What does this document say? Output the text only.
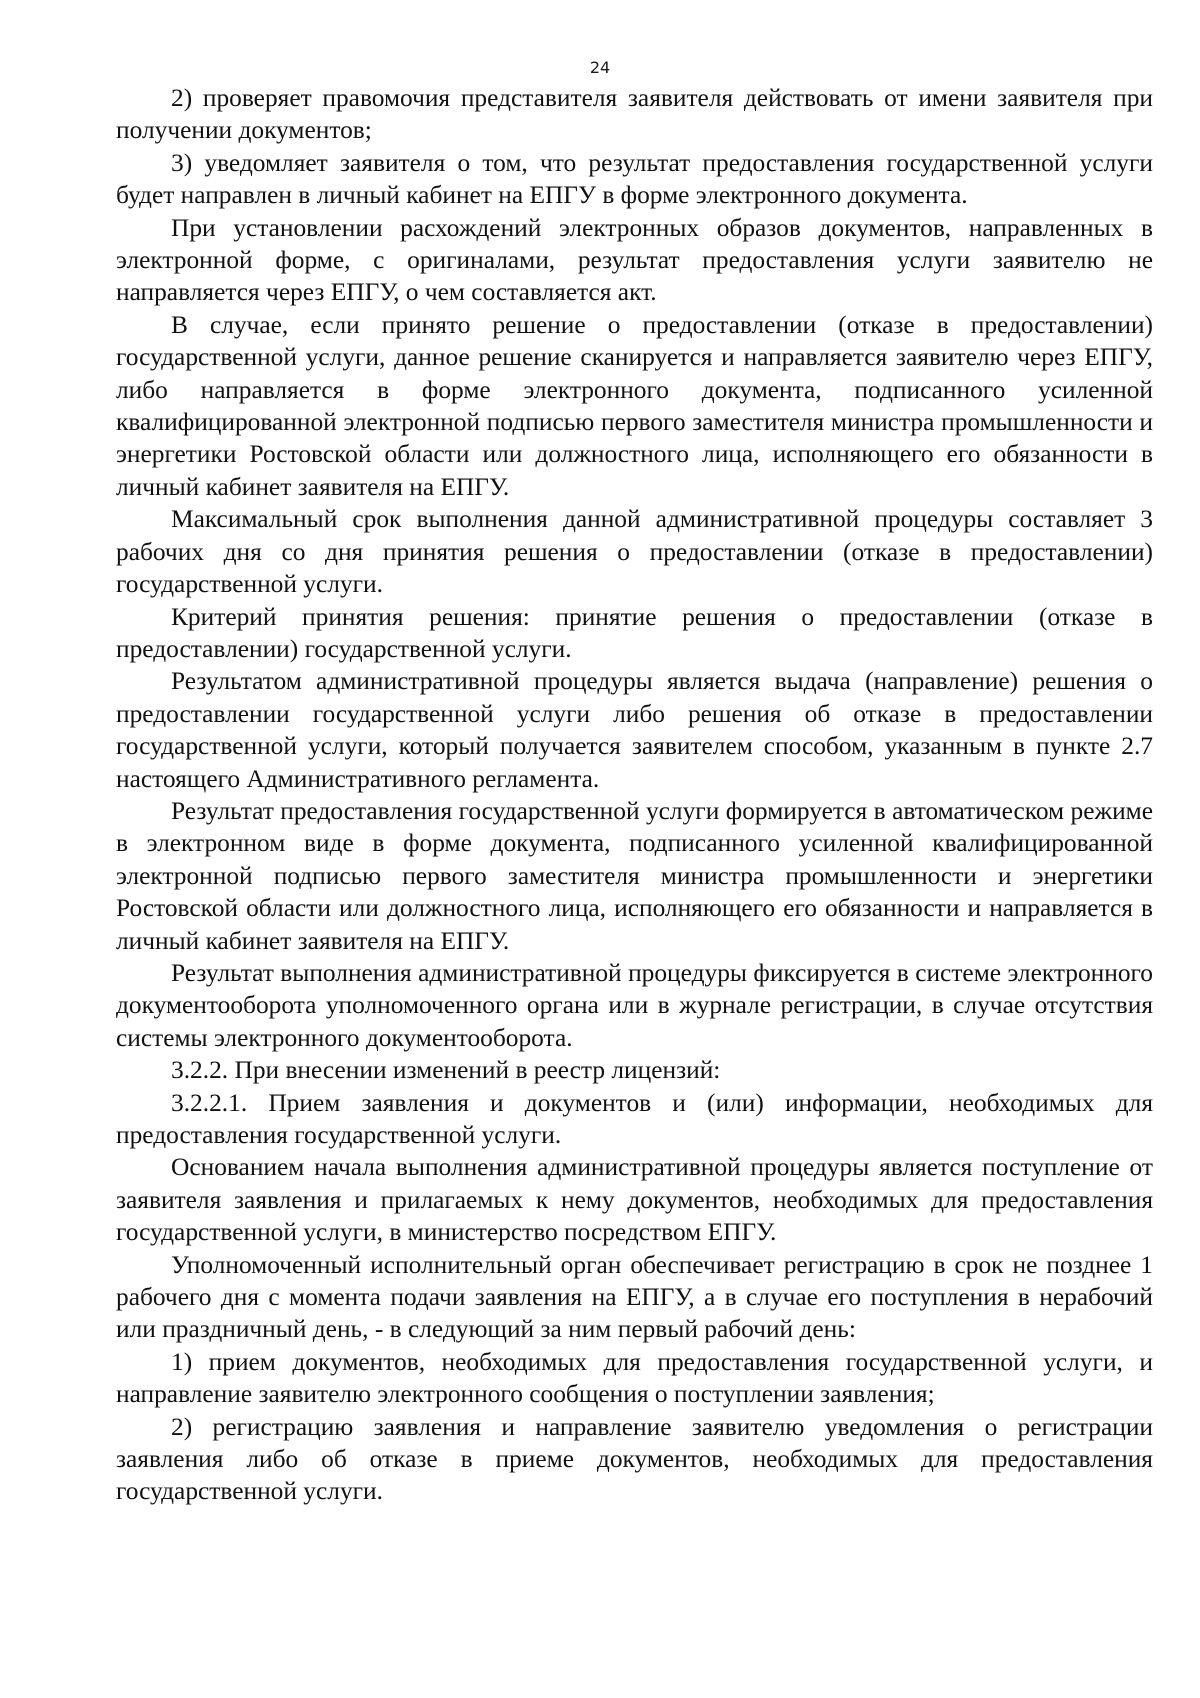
24

2) проверяет правомочия представителя заявителя действовать от имени заявителя при получении документов;

3) уведомляет заявителя о том, что результат предоставления государственной услуги будет направлен в личный кабинет на ЕПГУ в форме электронного документа.

При установлении расхождений электронных образов документов, направленных в электронной форме, с оригиналами, результат предоставления услуги заявителю не направляется через ЕПГУ, о чем составляется акт.

В случае, если принято решение о предоставлении (отказе в предоставлении) государственной услуги, данное решение сканируется и направляется заявителю через ЕПГУ, либо направляется в форме электронного документа, подписанного усиленной квалифицированной электронной подписью первого заместителя министра промышленности и энергетики Ростовской области или должностного лица, исполняющего его обязанности в личный кабинет заявителя на ЕПГУ.

Максимальный срок выполнения данной административной процедуры составляет 3 рабочих дня со дня принятия решения о предоставлении (отказе в предоставлении) государственной услуги.

Критерий принятия решения: принятие решения о предоставлении (отказе в предоставлении) государственной услуги.

Результатом административной процедуры является выдача (направление) решения о предоставлении государственной услуги либо решения об отказе в предоставлении государственной услуги, который получается заявителем способом, указанным в пункте 2.7 настоящего Административного регламента.

Результат предоставления государственной услуги формируется в автоматическом режиме в электронном виде в форме документа, подписанного усиленной квалифицированной электронной подписью первого заместителя министра промышленности и энергетики Ростовской области или должностного лица, исполняющего его обязанности и направляется в личный кабинет заявителя на ЕПГУ.

Результат выполнения административной процедуры фиксируется в системе электронного документооборота уполномоченного органа или в журнале регистрации, в случае отсутствия системы электронного документооборота.

3.2.2. При внесении изменений в реестр лицензий:

3.2.2.1. Прием заявления и документов и (или) информации, необходимых для предоставления государственной услуги.

Основанием начала выполнения административной процедуры является поступление от заявителя заявления и прилагаемых к нему документов, необходимых для предоставления государственной услуги, в министерство посредством ЕПГУ.

Уполномоченный исполнительный орган обеспечивает регистрацию в срок не позднее 1 рабочего дня с момента подачи заявления на ЕПГУ, а в случае его поступления в нерабочий или праздничный день, - в следующий за ним первый рабочий день:

1) прием документов, необходимых для предоставления государственной услуги, и направление заявителю электронного сообщения о поступлении заявления;

2) регистрацию заявления и направление заявителю уведомления о регистрации заявления либо об отказе в приеме документов, необходимых для предоставления государственной услуги.
